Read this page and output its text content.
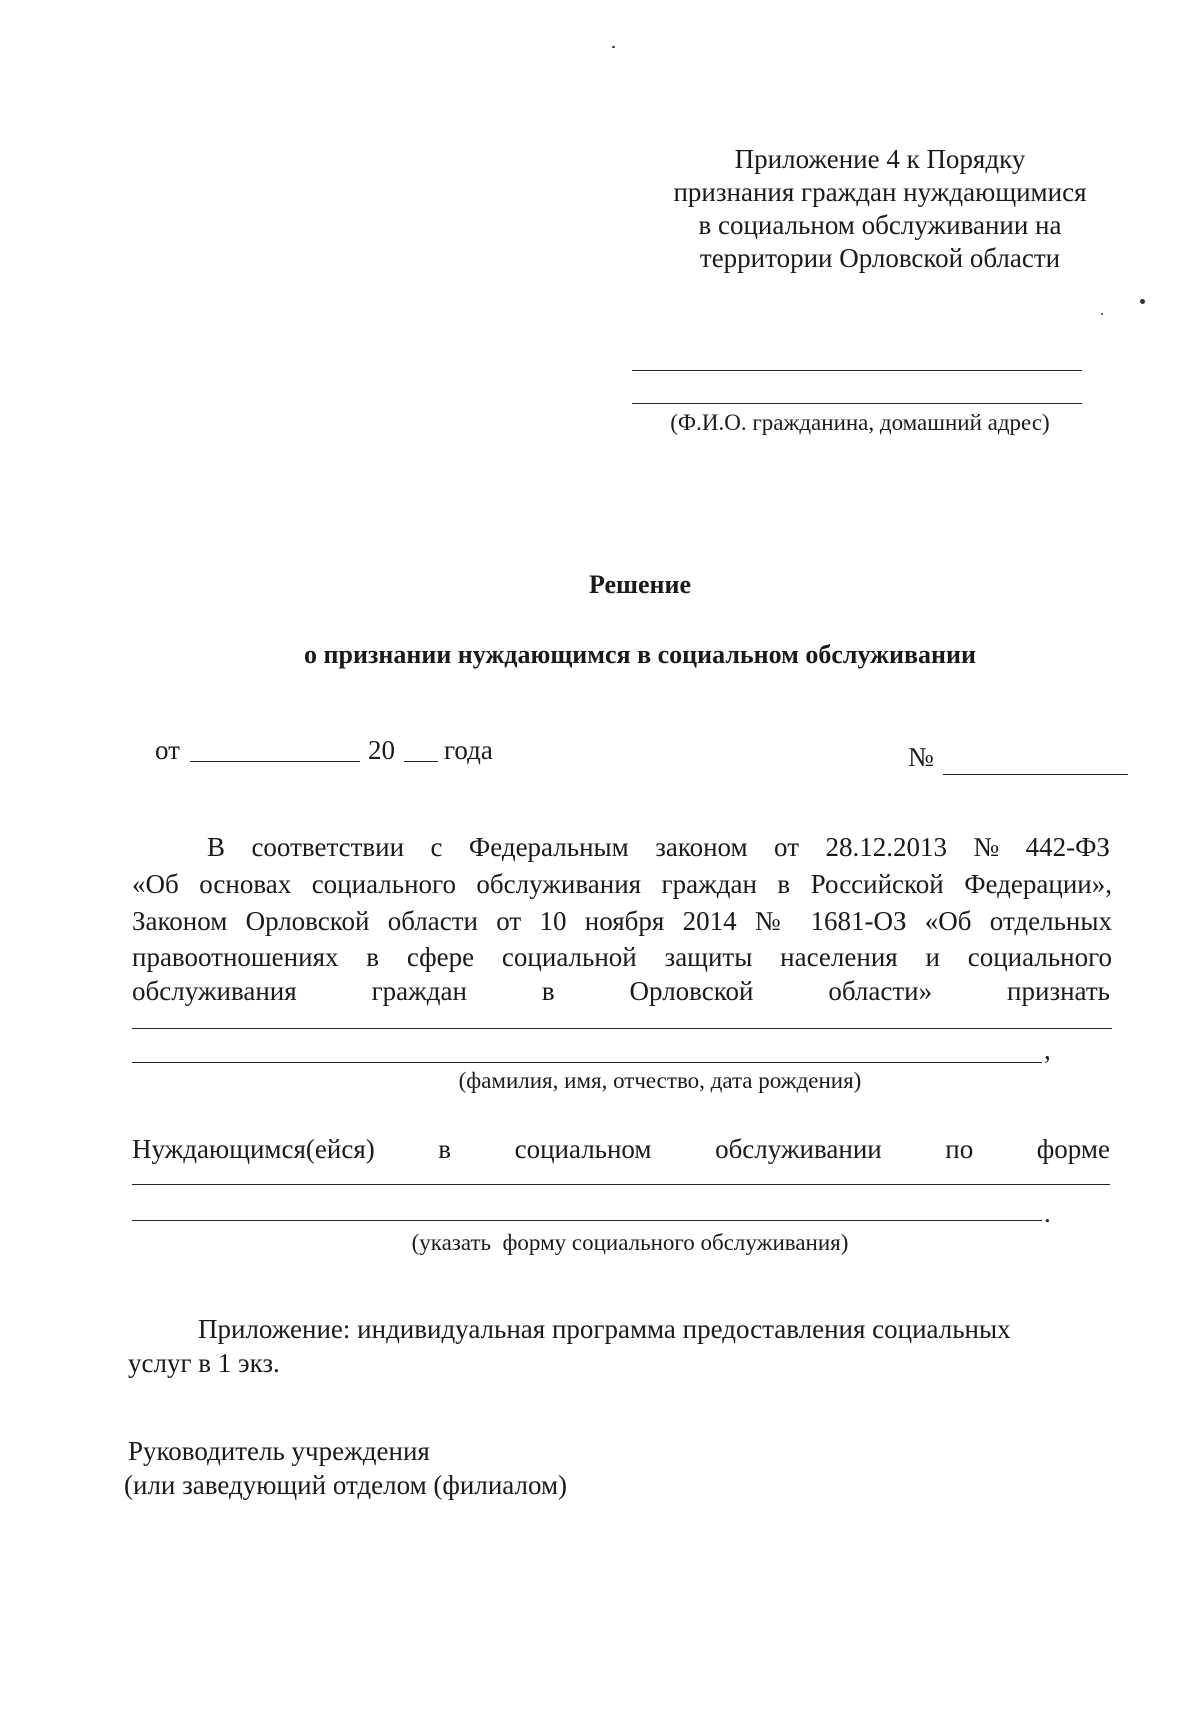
Приложение 4 к Порядку
признания граждан нуждающимися
в социальном обслуживании на
территории Орловской области
(Ф.И.О. гражданина, домашний адрес)
Решение
о признании нуждающимся в социальном обслуживании
от	20 года	№
В соответствии с Федеральным законом от 28.12.2013 № 442-ФЗ
«Об основах социального обслуживания граждан в Российской Федерации»,
Законом Орловской области от 10 ноября 2014 № 1681-ОЗ «Об отдельных
правоотношениях в сфере социальной защиты населения и социального
обслуживания	граждан	в	Орловской	области»	признать
,
(фамилия, имя, отчество, дата рождения)
Нуждающимся(ейся) в социальном обслуживании по форме
.
(указать  форму социального обслуживания)
Приложение: индивидуальная программа предоставления социальных
услуг в 1 экз.
Руководитель учреждения
(или заведующий отделом (филиалом)
